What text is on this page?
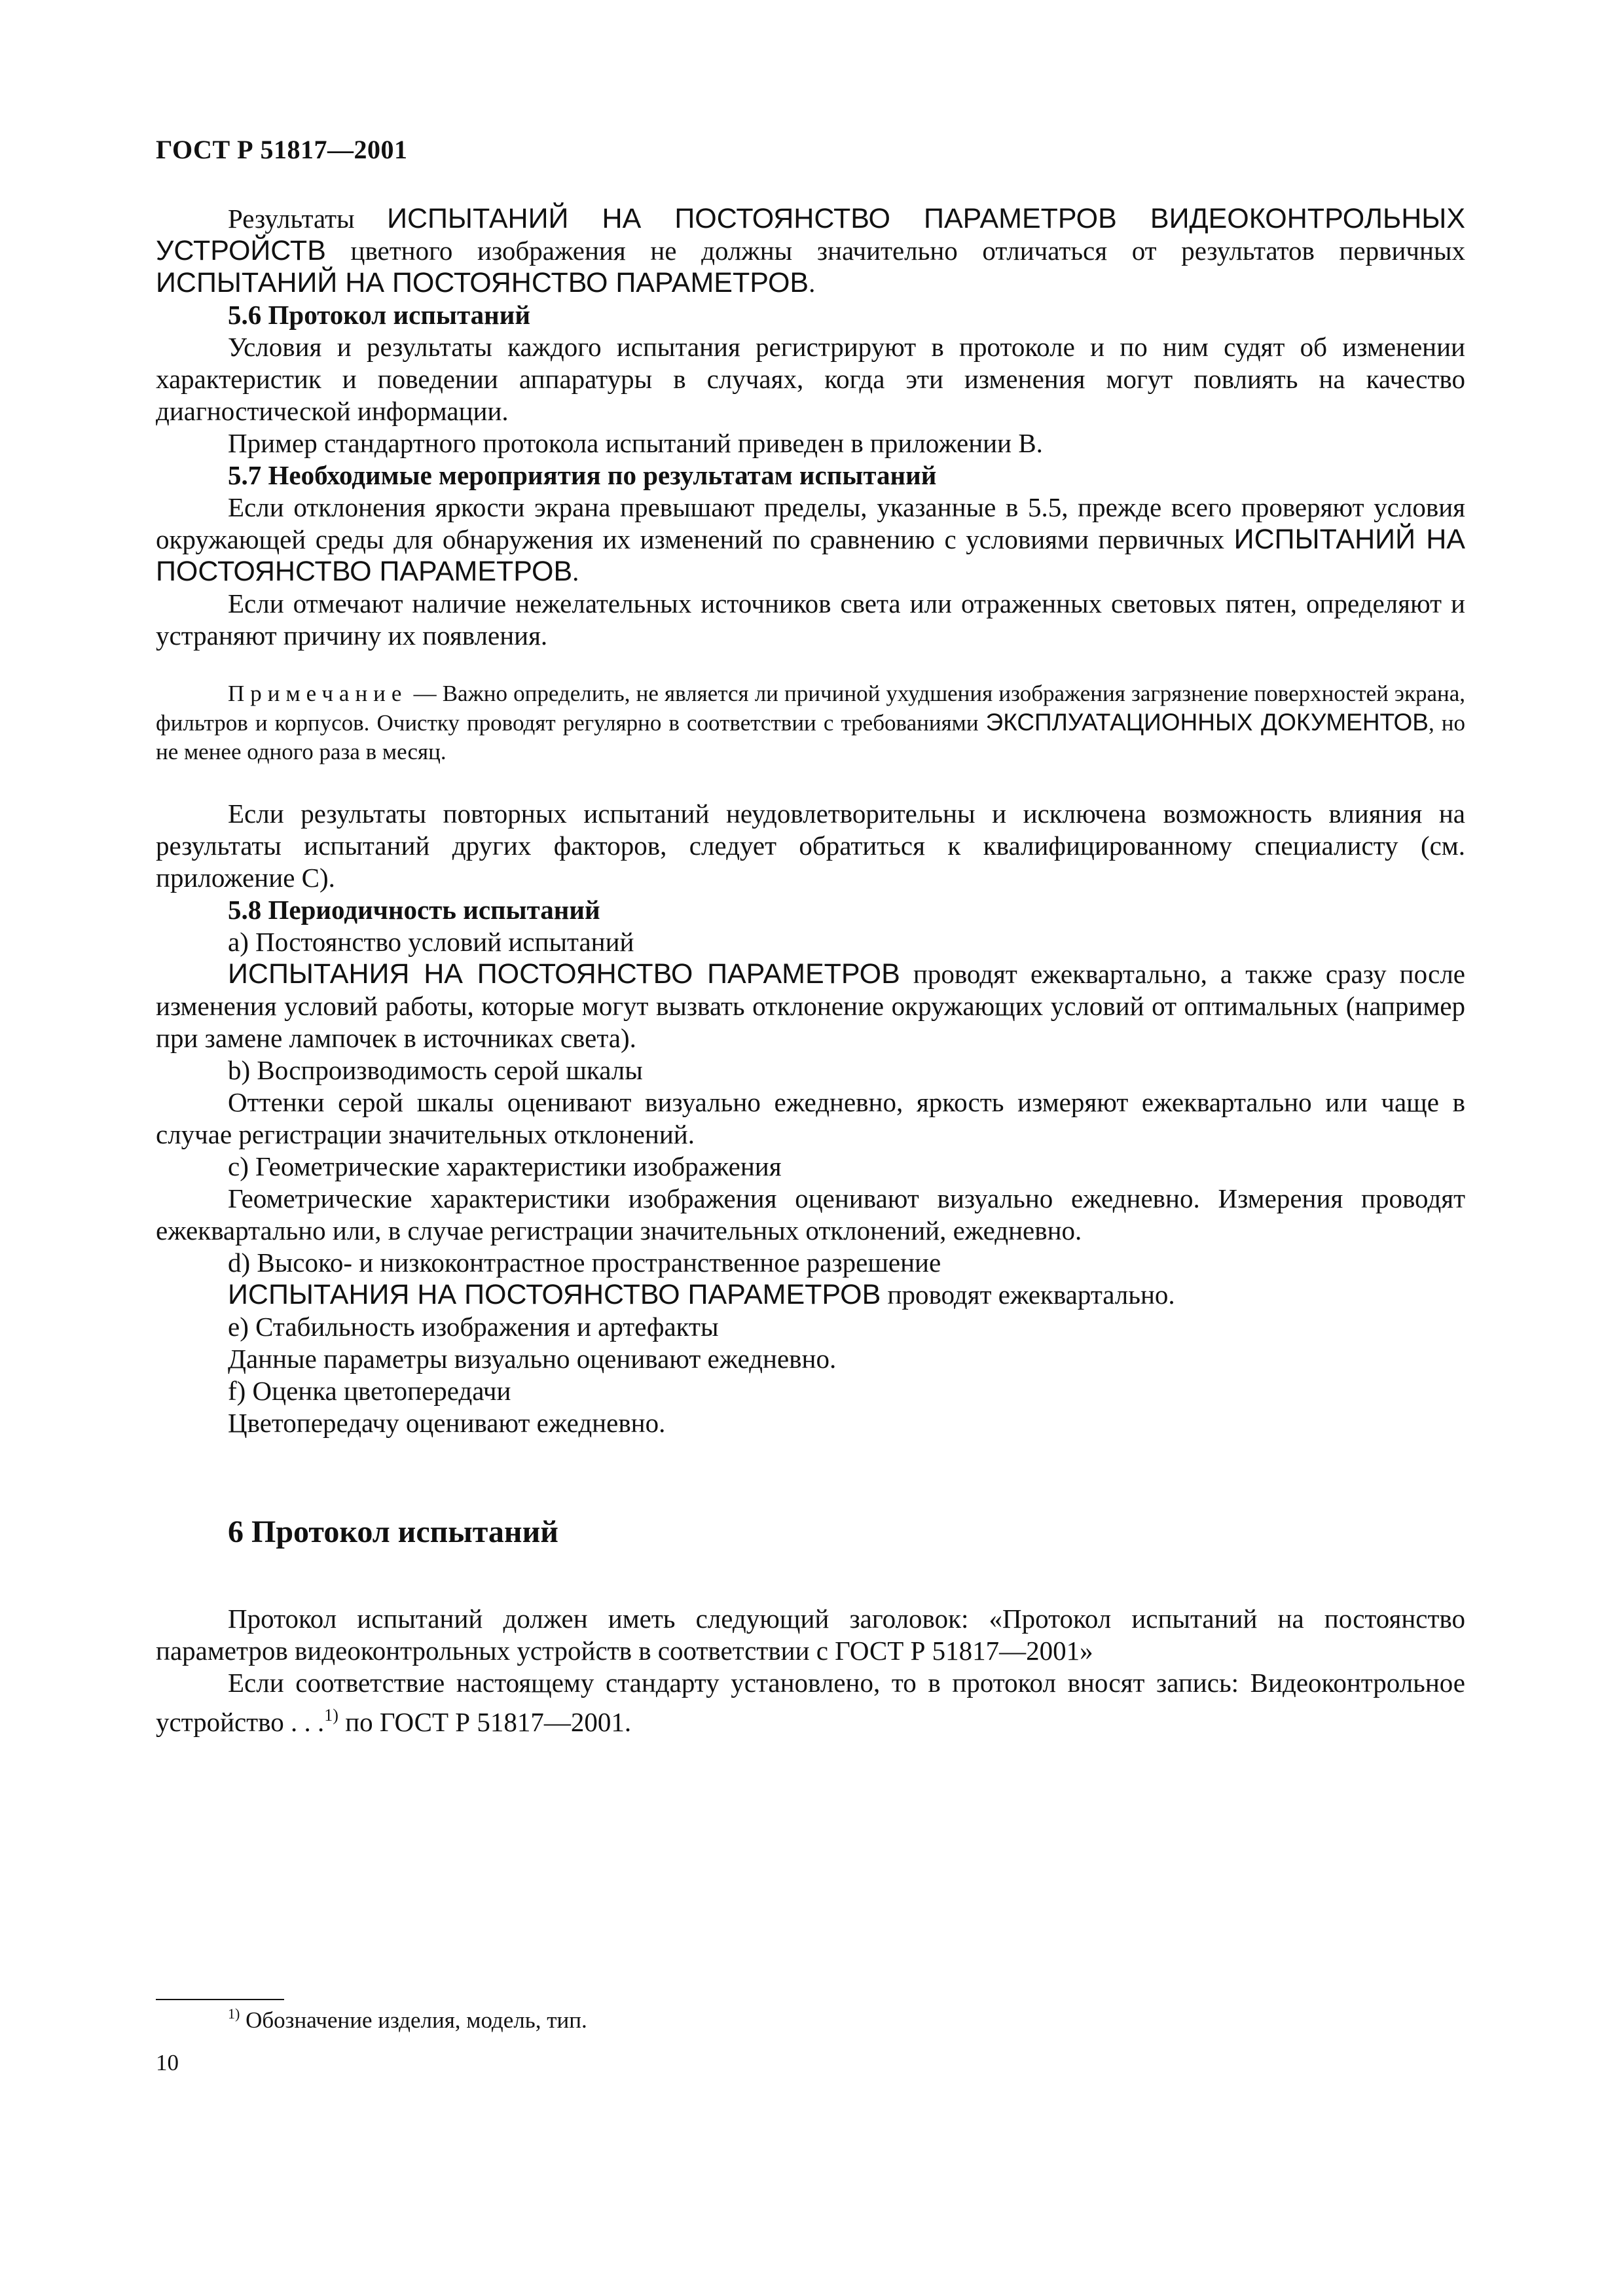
ГОСТ Р 51817—2001

Результаты ИСПЫТАНИЙ НА ПОСТОЯНСТВО ПАРАМЕТРОВ ВИДЕОКОНТРОЛЬНЫХ УСТРОЙСТВ цветного изображения не должны значительно отличаться от результатов первичных ИСПЫТАНИЙ НА ПОСТОЯНСТВО ПАРАМЕТРОВ.

5.6 Протокол испытаний

Условия и результаты каждого испытания регистрируют в протоколе и по ним судят об изменении характеристик и поведении аппаратуры в случаях, когда эти изменения могут повлиять на качество диагностической информации.

Пример стандартного протокола испытаний приведен в приложении В.

5.7 Необходимые мероприятия по результатам испытаний

Если отклонения яркости экрана превышают пределы, указанные в 5.5, прежде всего проверяют условия окружающей среды для обнаружения их изменений по сравнению с условиями первичных ИСПЫТАНИЙ НА ПОСТОЯНСТВО ПАРАМЕТРОВ.

Если отмечают наличие нежелательных источников света или отраженных световых пятен, определяют и устраняют причину их появления.

Примечание — Важно определить, не является ли причиной ухудшения изображения загрязнение поверхностей экрана, фильтров и корпусов. Очистку проводят регулярно в соответствии с требованиями ЭКСПЛУАТАЦИОННЫХ ДОКУМЕНТОВ, но не менее одного раза в месяц.

Если результаты повторных испытаний неудовлетворительны и исключена возможность влияния на результаты испытаний других факторов, следует обратиться к квалифицированному специалисту (см. приложение С).

5.8 Периодичность испытаний

а) Постоянство условий испытаний

ИСПЫТАНИЯ НА ПОСТОЯНСТВО ПАРАМЕТРОВ проводят ежеквартально, а также сразу после изменения условий работы, которые могут вызвать отклонение окружающих условий от оптимальных (например при замене лампочек в источниках света).

b) Воспроизводимость серой шкалы

Оттенки серой шкалы оценивают визуально ежедневно, яркость измеряют ежеквартально или чаще в случае регистрации значительных отклонений.

с) Геометрические характеристики изображения

Геометрические характеристики изображения оценивают визуально ежедневно. Измерения проводят ежеквартально или, в случае регистрации значительных отклонений, ежедневно.

d) Высоко- и низкоконтрастное пространственное разрешение

ИСПЫТАНИЯ НА ПОСТОЯНСТВО ПАРАМЕТРОВ проводят ежеквартально.

е) Стабильность изображения и артефакты

Данные параметры визуально оценивают ежедневно.

f) Оценка цветопередачи

Цветопередачу оценивают ежедневно.

6 Протокол испытаний

Протокол испытаний должен иметь следующий заголовок: «Протокол испытаний на постоянство параметров видеоконтрольных устройств в соответствии с ГОСТ Р 51817—2001»

Если соответствие настоящему стандарту установлено, то в протокол вносят запись: Видеоконтрольное устройство . . .$^{1)}$ по ГОСТ Р 51817—2001.

$^{1)}$ Обозначение изделия, модель, тип.
10
